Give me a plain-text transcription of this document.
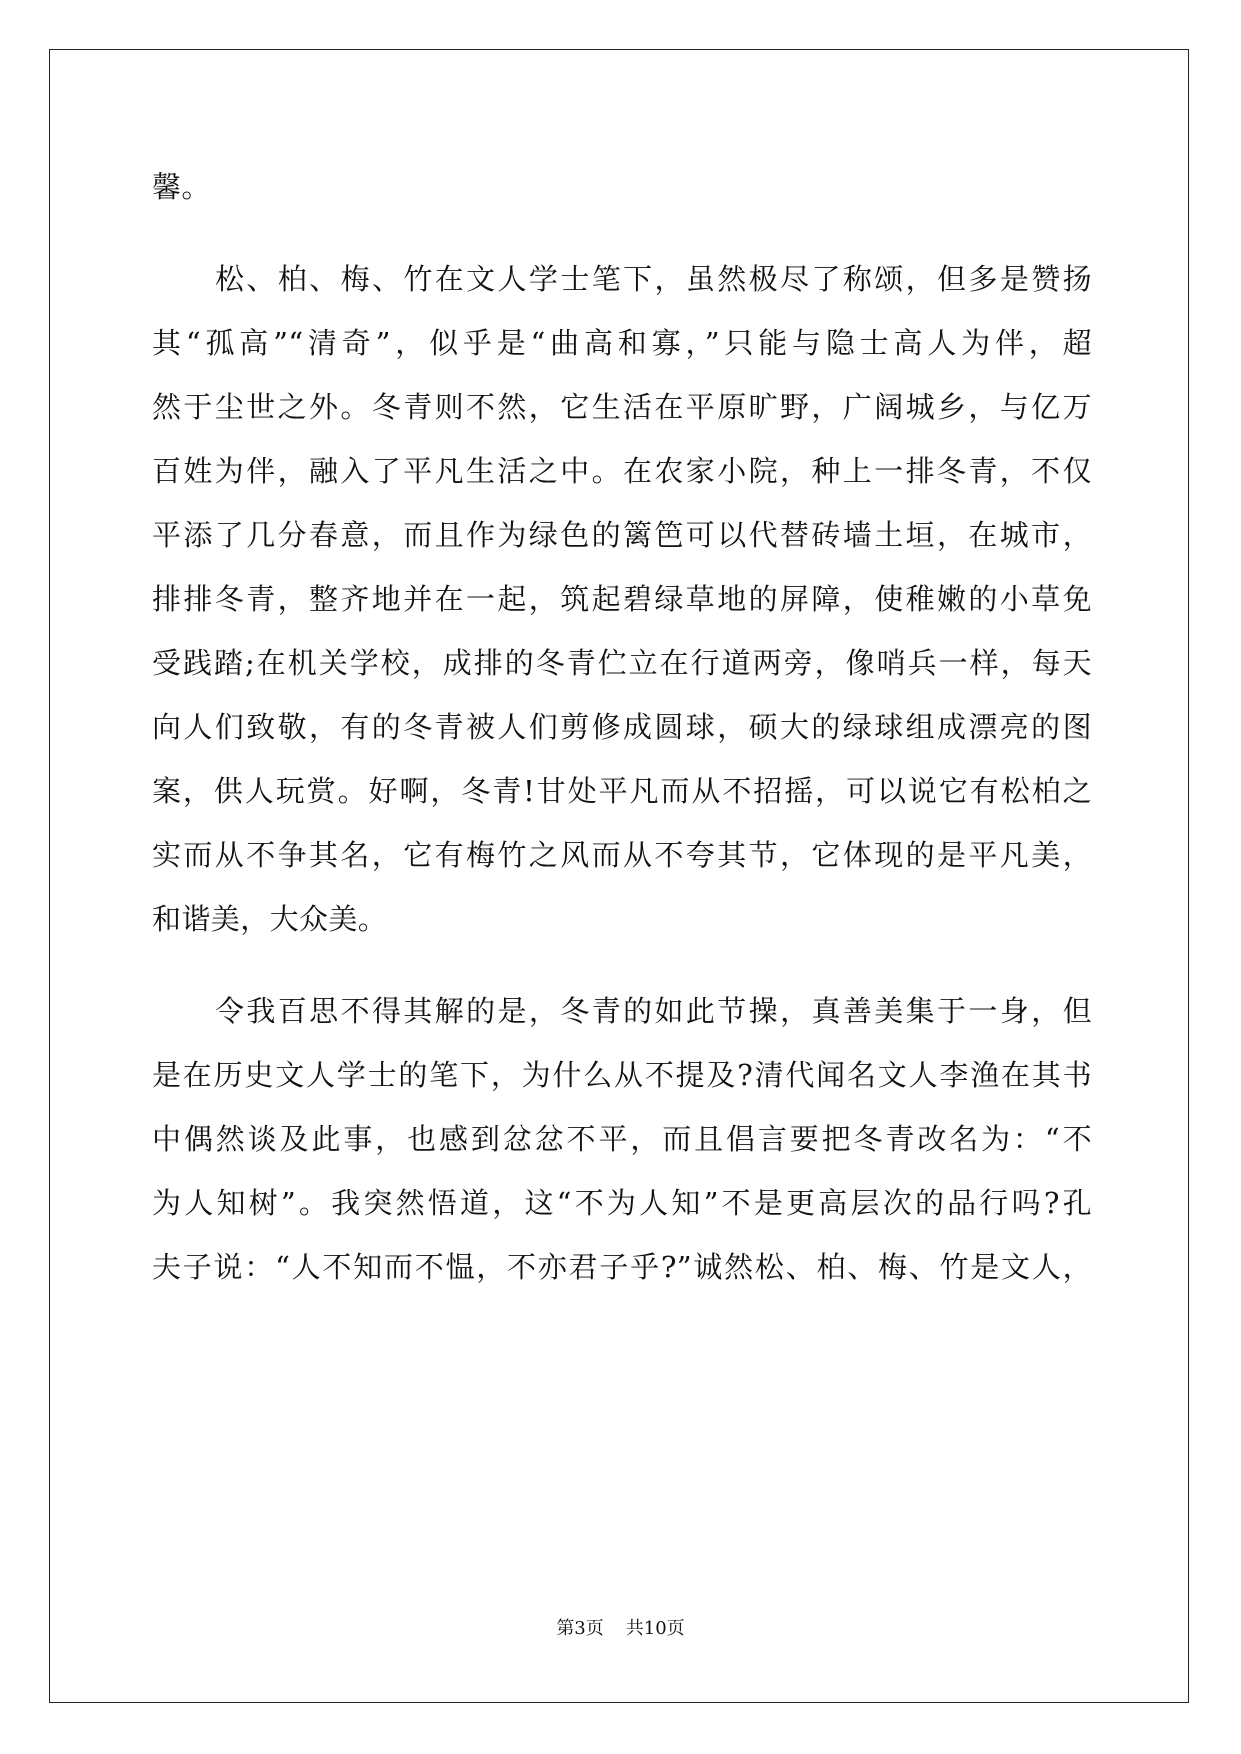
馨。
松、柏、梅、竹在文人学士笔下，虽然极尽了称颂，但多是赞扬
其“孤高”“清奇”，似乎是“曲高和寡，”只能与隐士高人为伴，超
然于尘世之外。冬青则不然，它生活在平原旷野，广阔城乡，与亿万
百姓为伴，融入了平凡生活之中。在农家小院，种上一排冬青，不仅
平添了几分春意，而且作为绿色的篱笆可以代替砖墙土垣，在城市，
排排冬青，整齐地并在一起，筑起碧绿草地的屏障，使稚嫩的小草免
受践踏;在机关学校，成排的冬青伫立在行道两旁，像哨兵一样，每天
向人们致敬，有的冬青被人们剪修成圆球，硕大的绿球组成漂亮的图
案，供人玩赏。好啊，冬青!甘处平凡而从不招摇，可以说它有松柏之
实而从不争其名，它有梅竹之风而从不夸其节，它体现的是平凡美，
和谐美，大众美。
令我百思不得其解的是，冬青的如此节操，真善美集于一身，但
是在历史文人学士的笔下，为什么从不提及?清代闻名文人李渔在其书
中偶然谈及此事，也感到忿忿不平，而且倡言要把冬青改名为：“不
为人知树”。我突然悟道，这“不为人知”不是更高层次的品行吗?孔
夫子说：“人不知而不愠，不亦君子乎?”诚然松、柏、梅、竹是文人，
第3页 共10页
